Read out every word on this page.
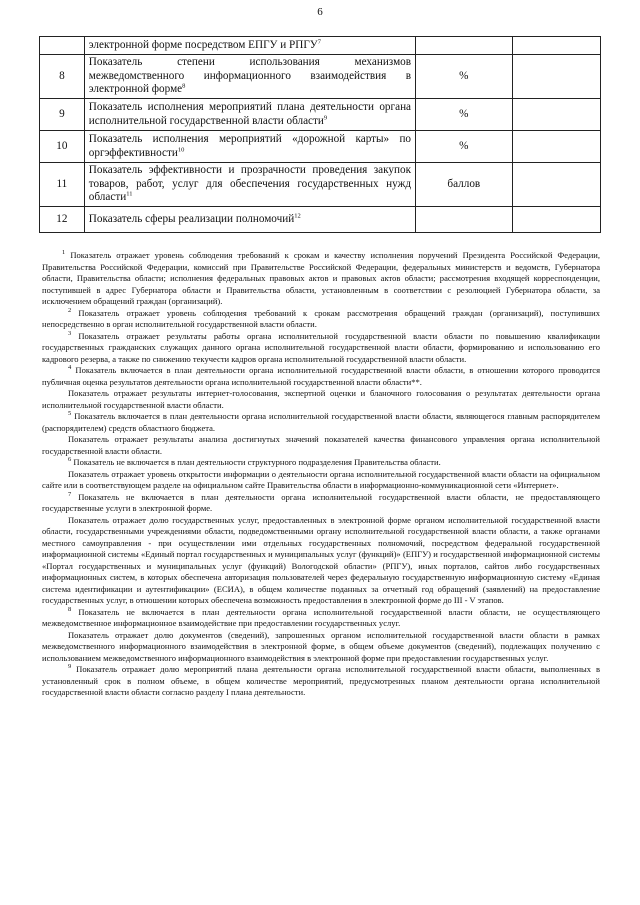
6
	электронной форме посредством ЕПГУ и РПГУ$^7$		
8	Показатель степени использования механизмов межведомственного информационного взаимодействия в электронной форме$^8$	%	
9	Показатель исполнения мероприятий плана деятельности органа исполнительной государственной власти области$^9$	%	
10	Показатель исполнения мероприятий «дорожной карты» по оргэффективности$^{10}$	%	
11	Показатель эффективности и прозрачности проведения закупок товаров, работ, услуг для обеспечения государственных нужд области$^{11}$	баллов	
12	Показатель сферы реализации полномочий$^{12}$		

$^1$ Показатель отражает уровень соблюдения требований к срокам и качеству исполнения поручений Президента Российской Федерации, Правительства Российской Федерации, комиссий при Правительстве Российской Федерации, федеральных министерств и ведомств, Губернатора области, Правительства области; исполнения федеральных правовых актов и правовых актов области; рассмотрения входящей корреспонденции, поступившей в адрес Губернатора области и Правительства области, установленным в соответствии с резолюцией Губернатора области, за исключением обращений граждан (организаций).

$^2$ Показатель отражает уровень соблюдения требований к срокам рассмотрения обращений граждан (организаций), поступивших непосредственно в орган исполнительной государственной власти области.

$^3$ Показатель отражает результаты работы органа исполнительной государственной власти области по повышению квалификации государственных гражданских служащих данного органа исполнительной государственной власти области, формированию и использованию его кадрового резерва, а также по снижению текучести кадров органа исполнительной государственной власти области.

$^4$ Показатель включается в план деятельности органа исполнительной государственной власти области, в отношении которого проводится публичная оценка результатов деятельности органа исполнительной государственной власти области**.

Показатель отражает результаты интернет-голосования, экспертной оценки и бланочного голосования о результатах деятельности органа исполнительной государственной власти области.

$^5$ Показатель включается в план деятельности органа исполнительной государственной власти области, являющегося главным распорядителем (распорядителем) средств областного бюджета.

Показатель отражает результаты анализа достигнутых значений показателей качества финансового управления органа исполнительной государственной власти области.

$^6$ Показатель не включается в план деятельности структурного подразделения Правительства области.

Показатель отражает уровень открытости информации о деятельности органа исполнительной государственной власти области на официальном сайте или в соответствующем разделе на официальном сайте Правительства области в информационно-коммуникационной сети «Интернет».

$^7$ Показатель не включается в план деятельности органа исполнительной государственной власти области, не предоставляющего государственные услуги в электронной форме.

Показатель отражает долю государственных услуг, предоставленных в электронной форме органом исполнительной государственной власти области, государственными учреждениями области, подведомственными органу исполнительной государственной власти области, а также органами местного самоуправления - при осуществлении ими отдельных государственных полномочий, посредством федеральной государственной информационной системы «Единый портал государственных и муниципальных услуг (функций)» (ЕПГУ) и государственной информационной системы «Портал государственных и муниципальных услуг (функций) Вологодской области» (РПГУ), иных порталов, сайтов либо государственных информационных систем, в которых обеспечена авторизация пользователей через федеральную государственную информационную систему «Единая система идентификации и аутентификации» (ЕСИА), в общем количестве поданных за отчетный год обращений (заявлений) на предоставление государственных услуг, в отношении которых обеспечена возможность предоставления в электронной форме до III - V этапов.

$^8$ Показатель не включается в план деятельности органа исполнительной государственной власти области, не осуществляющего межведомственное информационное взаимодействие при предоставлении государственных услуг.

Показатель отражает долю документов (сведений), запрошенных органом исполнительной государственной власти области в рамках межведомственного информационного взаимодействия в электронной форме, в общем объеме документов (сведений), подлежащих получению с использованием межведомственного информационного взаимодействия в электронной форме при предоставлении государственных услуг.

$^9$ Показатель отражает долю мероприятий плана деятельности органа исполнительной государственной власти области, выполненных в установленный срок в полном объеме, в общем количестве мероприятий, предусмотренных планом деятельности органа исполнительной государственной власти области согласно разделу I плана деятельности.
